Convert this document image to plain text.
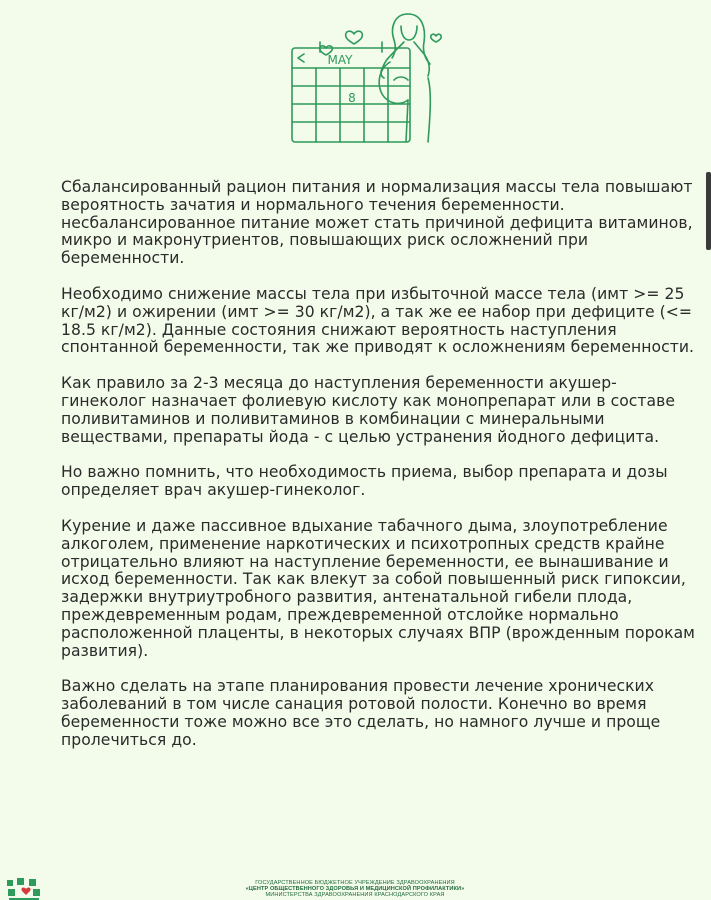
MAY
8

Сбалансированный рацион питания и нормализация массы тела повышают вероятность зачатия и нормального течения беременности. несбалансированное питание может стать причиной дефицита витаминов, микро и макронутриентов, повышающих риск осложнений при беременности.

Необходимо снижение массы тела при избыточной массе тела (имт >= 25 кг/м2) и ожирении (имт >= 30 кг/м2), а так же ее набор при дефиците (<= 18.5 кг/м2). Данные состояния снижают вероятность наступления спонтанной беременности, так же приводят к осложнениям беременности.

Как правило за 2-3 месяца до наступления беременности акушер-гинеколог назначает фолиевую кислоту как монопрепарат или в составе поливитаминов и поливитаминов в комбинации с минеральными веществами, препараты йода - с целью устранения йодного дефицита.

Но важно помнить, что необходимость приема, выбор препарата и дозы определяет врач акушер-гинеколог.

Курение и даже пассивное вдыхание табачного дыма, злоупотребление алкоголем, применение наркотических и психотропных средств крайне отрицательно влияют на наступление беременности, ее вынашивание и исход беременности. Так как влекут за собой повышенный риск гипоксии, задержки внутриутробного развития, антенатальной гибели плода, преждевременным родам, преждевременной отслойке нормально расположенной плаценты, в некоторых случаях ВПР (врожденным порокам развития).

Важно сделать на этапе планирования провести лечение хронических заболеваний в том числе санация ротовой полости. Конечно во время беременности тоже можно все это сделать, но намного лучше и проще пролечиться до.

ГОСУДАРСТВЕННОЕ БЮДЖЕТНОЕ УЧРЕЖДЕНИЕ ЗДРАВООХРАНЕНИЯ
«ЦЕНТР ОБЩЕСТВЕННОГО ЗДОРОВЬЯ И МЕДИЦИНСКОЙ ПРОФИЛАКТИКИ»
МИНИСТЕРСТВА ЗДРАВООХРАНЕНИЯ КРАСНОДАРСКОГО КРАЯ
